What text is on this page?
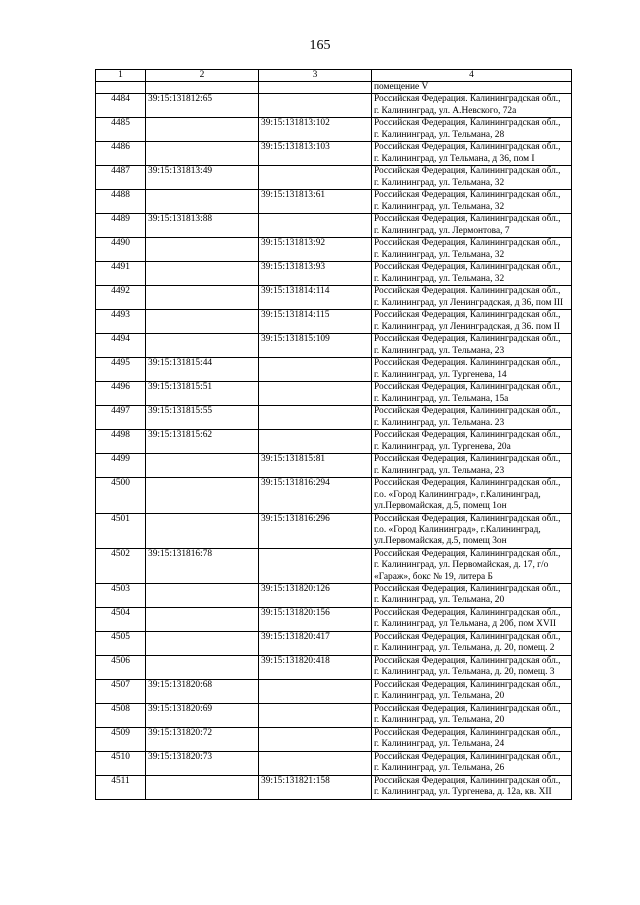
165
1	2	3	4
			помещение V
4484	39:15:131812:65		Российская Федерация. Калининградская обл.,
г. Калининград, ул. А.Невского, 72а

4485		39:15:131813:102	Российская Федерация, Калининградская обл.,
г. Калининград, ул. Тельмана, 28

4486		39:15:131813:103	Российская Федерация, Калининградская обл.,
г. Калининград, ул Тельмана, д 36, пом I

4487	39:15:131813:49		Российская Федерация, Калининградская обл.,
г. Калининград, ул. Тельмана, 32

4488		39:15:131813:61	Российская Федерация, Калининградская обл.,
г. Калининград, ул. Тельмана, 32

4489	39:15:131813:88		Российская Федерация, Калининградская обл.,
г. Калининград, ул. Лермонтова, 7

4490		39:15:131813:92	Российская Федерация, Калининградская обл.,
г. Калининград, ул. Тельмана, 32

4491		39:15:131813:93	Российская Федерация, Калининградская обл.,
г. Калининград, ул. Тельмана, 32

4492		39:15:131814:114	Российская Федерация. Калининградская обл.,
г. Калининград, ул Ленинградская, д 36, пом III

4493		39:15:131814:115	Российская Федерация, Калининградская обл.,
г. Калининград, ул Ленинградская, д 36. пом II

4494		39:15:131815:109	Российская Федерация, Калининградская обл.,
г. Калининград, ул. Тельмана, 23

4495	39:15:131815:44		Российская Федерация. Калининградская обл.,
г. Калининград, ул. Тургенева, 14

4496	39:15:131815:51		Российская Федерация, Калининградская обл.,
г. Калининград, ул. Тельмана, 15а

4497	39:15:131815:55		Российская Федерация, Калининградская обл.,
г. Калининград, ул. Тельмана. 23

4498	39:15:131815:62		Российская Федерация, Калининградская обл.,
г. Калининград, ул. Тургенева, 20а

4499		39:15:131815:81	Российская Федерация, Калининградская обл.,
г. Калининград, ул. Тельмана, 23

4500		39:15:131816:294	Российская Федерация, Калининградская обл.,
г.о. «Город Калининград», г.Калининград,
ул.Первомайская, д.5, помещ 1он

4501		39:15:131816:296	Российская Федерация, Калининградская обл.,
г.о. «Город Калининград», г.Калининград,
ул.Первомайская, д.5, помещ 3он

4502	39:15:131816:78		Российская Федерация, Калининградская обл.,
г. Калининград, ул. Первомайская, д. 17, г/о
«Гараж», бокс № 19, литера Б

4503		39:15:131820:126	Российская Федерация, Калининградская обл.,
г. Калининград, ул. Тельмана, 20

4504		39:15:131820:156	Российская Федерация, Калининградская обл.,
г. Калининград, ул Тельмана, д 20б, пом XVII

4505		39:15:131820:417	Российская Федерация, Калининградская обл.,
г. Калининград, ул. Тельмана, д. 20, помещ. 2

4506		39:15:131820:418	Российская Федерация, Калининградская обл.,
г. Калининград, ул. Тельмана, д. 20, помещ. 3

4507	39:15:131820:68		Российская Федерация, Калининградская обл.,
г. Калининград, ул. Тельмана, 20

4508	39:15:131820:69		Российская Федерация, Калининградская обл.,
г. Калининград, ул. Тельмана, 20

4509	39:15:131820:72		Российская Федерация, Калининградская обл.,
г. Калининград, ул. Тельмана, 24

4510	39:15:131820:73		Российская Федерация, Калининградская обл.,
г. Калининград, ул. Тельмана, 26

4511		39:15:131821:158	Российская Федерация, Калининградская обл.,
г. Калининград, ул. Тургенева, д. 12а, кв. XII
